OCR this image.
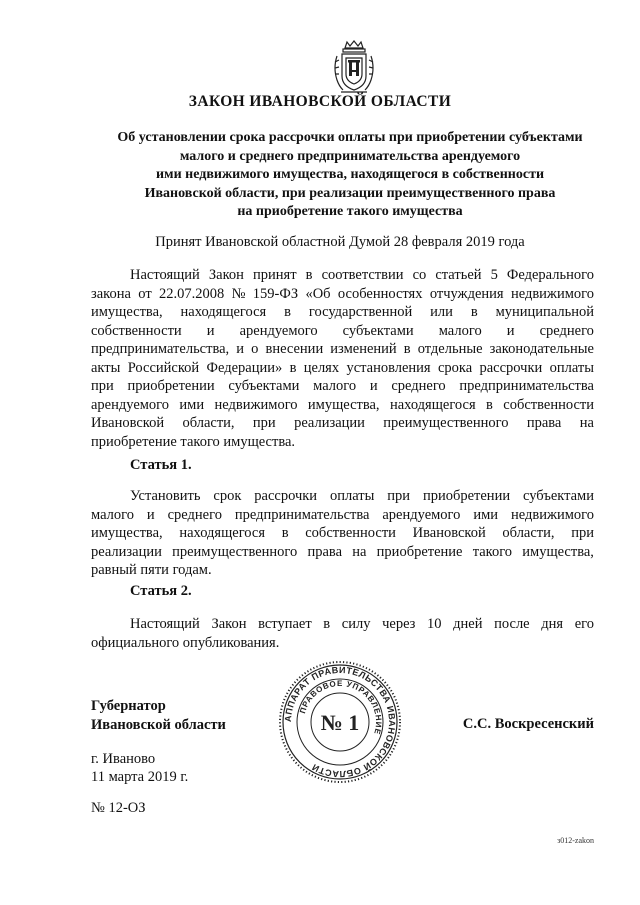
ЗАКОН ИВАНОВСКОЙ ОБЛАСТИ
Об установлении срока рассрочки оплаты при приобретении субъектами
малого и среднего предпринимательства арендуемого
ими недвижимого имущества, находящегося в собственности
Ивановской области, при реализации преимущественного права
на приобретение такого имущества
Принят Ивановской областной Думой 28 февраля 2019 года
Настоящий Закон принят в соответствии со статьей 5 Федерального
закона от 22.07.2008 № 159-ФЗ «Об особенностях отчуждения недвижимого
имущества, находящегося в государственной или в муниципальной
собственности и арендуемого субъектами малого и среднего
предпринимательства, и о внесении изменений в отдельные законодательные
акты Российской Федерации» в целях установления срока рассрочки оплаты
при приобретении субъектами малого и среднего предпринимательства
арендуемого ими недвижимого имущества, находящегося в собственности
Ивановской области, при реализации преимущественного права на
приобретение такого имущества.
Статья 1.
Установить срок рассрочки оплаты при приобретении субъектами
малого и среднего предпринимательства арендуемого ими недвижимого
имущества, находящегося в собственности Ивановской области, при
реализации преимущественного права на приобретение такого имущества,
равный пяти годам.
Статья 2.
Настоящий Закон вступает в силу через 10 дней после дня его
официального опубликования.
Губернатор
Ивановской области	АППАРАТ ПРАВИТЕЛЬСТВА ИВАНОВСКОЙ ОБЛАСТИ
ПРАВОВОЕ УПРАВЛЕНИЕ
№ 1	С.С. Воскресенский
г. Иваново
11 марта 2019 г.
№ 12-ОЗ
з012-zakon
